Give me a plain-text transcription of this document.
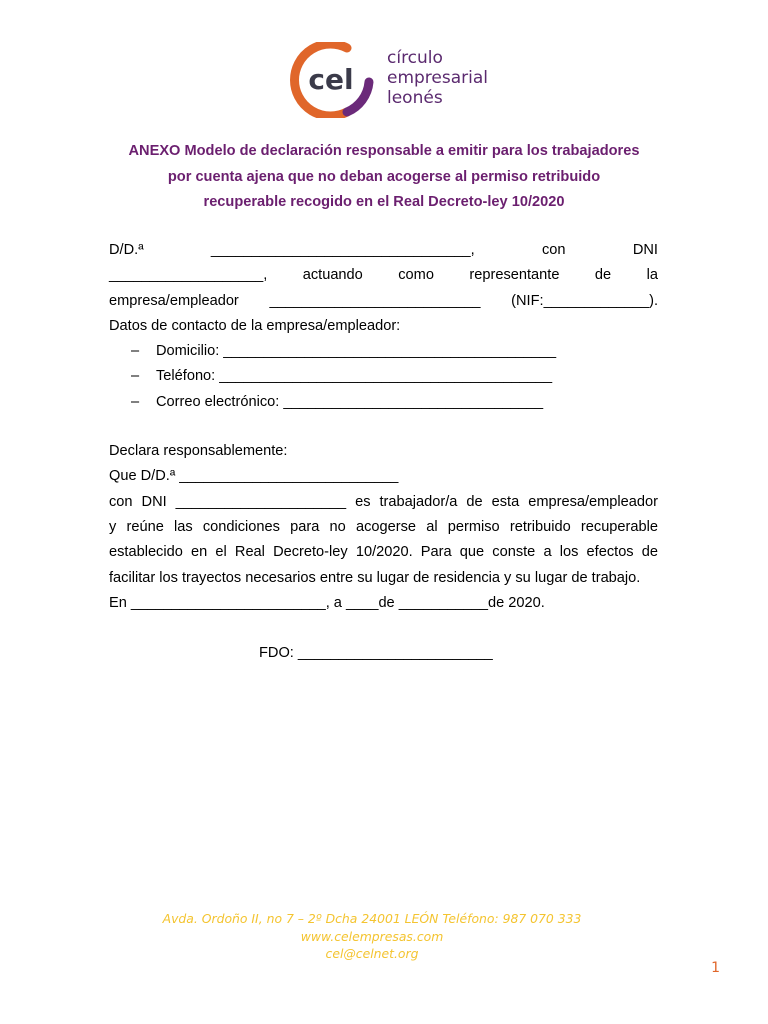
cel
círculo
empresarial
leonés
ANEXO Modelo de declaración responsable a emitir para los trabajadores
por cuenta ajena que no deban acogerse al permiso retribuido
recuperable recogido en el Real Decreto-ley 10/2020
D/D.ª ________________________________, con DNI
___________________, actuando como representante de la
empresa/empleador __________________________ (NIF:_____________).
Datos de contacto de la empresa/empleador:
– Domicilio: _________________________________________
– Teléfono: _________________________________________
– Correo electrónico: ________________________________
Declara responsablemente:
Que D/D.ª ___________________________
con DNI _____________________ es trabajador/a de esta empresa/empleador
y reúne las condiciones para no acogerse al permiso retribuido recuperable establecido en el Real Decreto-ley 10/2020. Para que conste a los efectos de facilitar los trayectos necesarios entre su lugar de residencia y su lugar de trabajo.
En ________________________, a ____de ___________de 2020.
FDO: ________________________
Avda. Ordoño II, no 7 – 2º Dcha 24001 LEÓN Teléfono: 987 070 333
www.celempresas.com
cel@celnet.org
1
